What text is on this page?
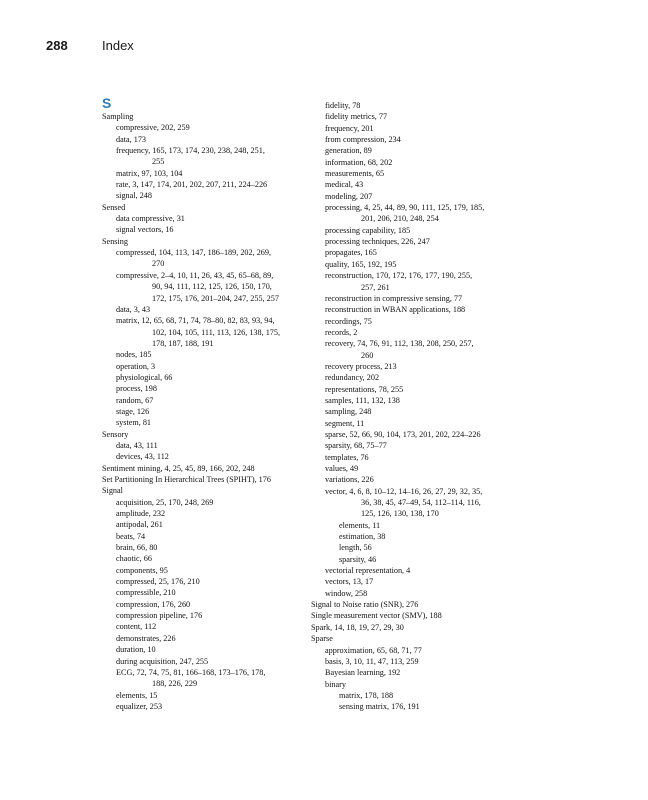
288	Index
S
Sampling
compressive, 202, 259
data, 173
frequency, 165, 173, 174, 230, 238, 248, 251,
255
matrix, 97, 103, 104
rate, 3, 147, 174, 201, 202, 207, 211, 224–226
signal, 248
Sensed
data compressive, 31
signal vectors, 16
Sensing
compressed, 104, 113, 147, 186–189, 202, 269,
270
compressive, 2–4, 10, 11, 26, 43, 45, 65–68, 89,
90, 94, 111, 112, 125, 126, 150, 170,
172, 175, 176, 201–204, 247, 255, 257
data, 3, 43
matrix, 12, 65, 68, 71, 74, 78–80, 82, 83, 93, 94,
102, 104, 105, 111, 113, 126, 138, 175,
178, 187, 188, 191
nodes, 185
operation, 3
physiological, 66
process, 198
random, 67
stage, 126
system, 81
Sensory
data, 43, 111
devices, 43, 112
Sentiment mining, 4, 25, 45, 89, 166, 202, 248
Set Partitioning In Hierarchical Trees (SPIHT), 176
Signal
acquisition, 25, 170, 248, 269
amplitude, 232
antipodal, 261
beats, 74
brain, 66, 80
chaotic, 66
components, 95
compressed, 25, 176, 210
compressible, 210
compression, 176, 260
compression pipeline, 176
content, 112
demonstrates, 226
duration, 10
during acquisition, 247, 255
ECG, 72, 74, 75, 81, 166–168, 173–176, 178,
188, 226, 229
elements, 15
equalizer, 253
fidelity, 78
fidelity metrics, 77
frequency, 201
from compression, 234
generation, 89
information, 68, 202
measurements, 65
medical, 43
modeling, 207
processing, 4, 25, 44, 89, 90, 111, 125, 179, 185,
201, 206, 210, 248, 254
processing capability, 185
processing techniques, 226, 247
propagates, 165
quality, 165, 192, 195
reconstruction, 170, 172, 176, 177, 190, 255,
257, 261
reconstruction in compressive sensing, 77
reconstruction in WBAN applications, 188
recordings, 75
records, 2
recovery, 74, 76, 91, 112, 138, 208, 250, 257,
260
recovery process, 213
redundancy, 202
representations, 78, 255
samples, 111, 132, 138
sampling, 248
segment, 11
sparse, 52, 66, 90, 104, 173, 201, 202, 224–226
sparsity, 68, 75–77
templates, 76
values, 49
variations, 226
vector, 4, 6, 8, 10–12, 14–16, 26, 27, 29, 32, 35,
36, 38, 45, 47–49, 54, 112–114, 116,
125, 126, 130, 138, 170
elements, 11
estimation, 38
length, 56
sparsity, 46
vectorial representation, 4
vectors, 13, 17
window, 258
Signal to Noise ratio (SNR), 276
Single measurement vector (SMV), 188
Spark, 14, 18, 19, 27, 29, 30
Sparse
approximation, 65, 68, 71, 77
basis, 3, 10, 11, 47, 113, 259
Bayesian learning, 192
binary
matrix, 178, 188
sensing matrix, 176, 191
